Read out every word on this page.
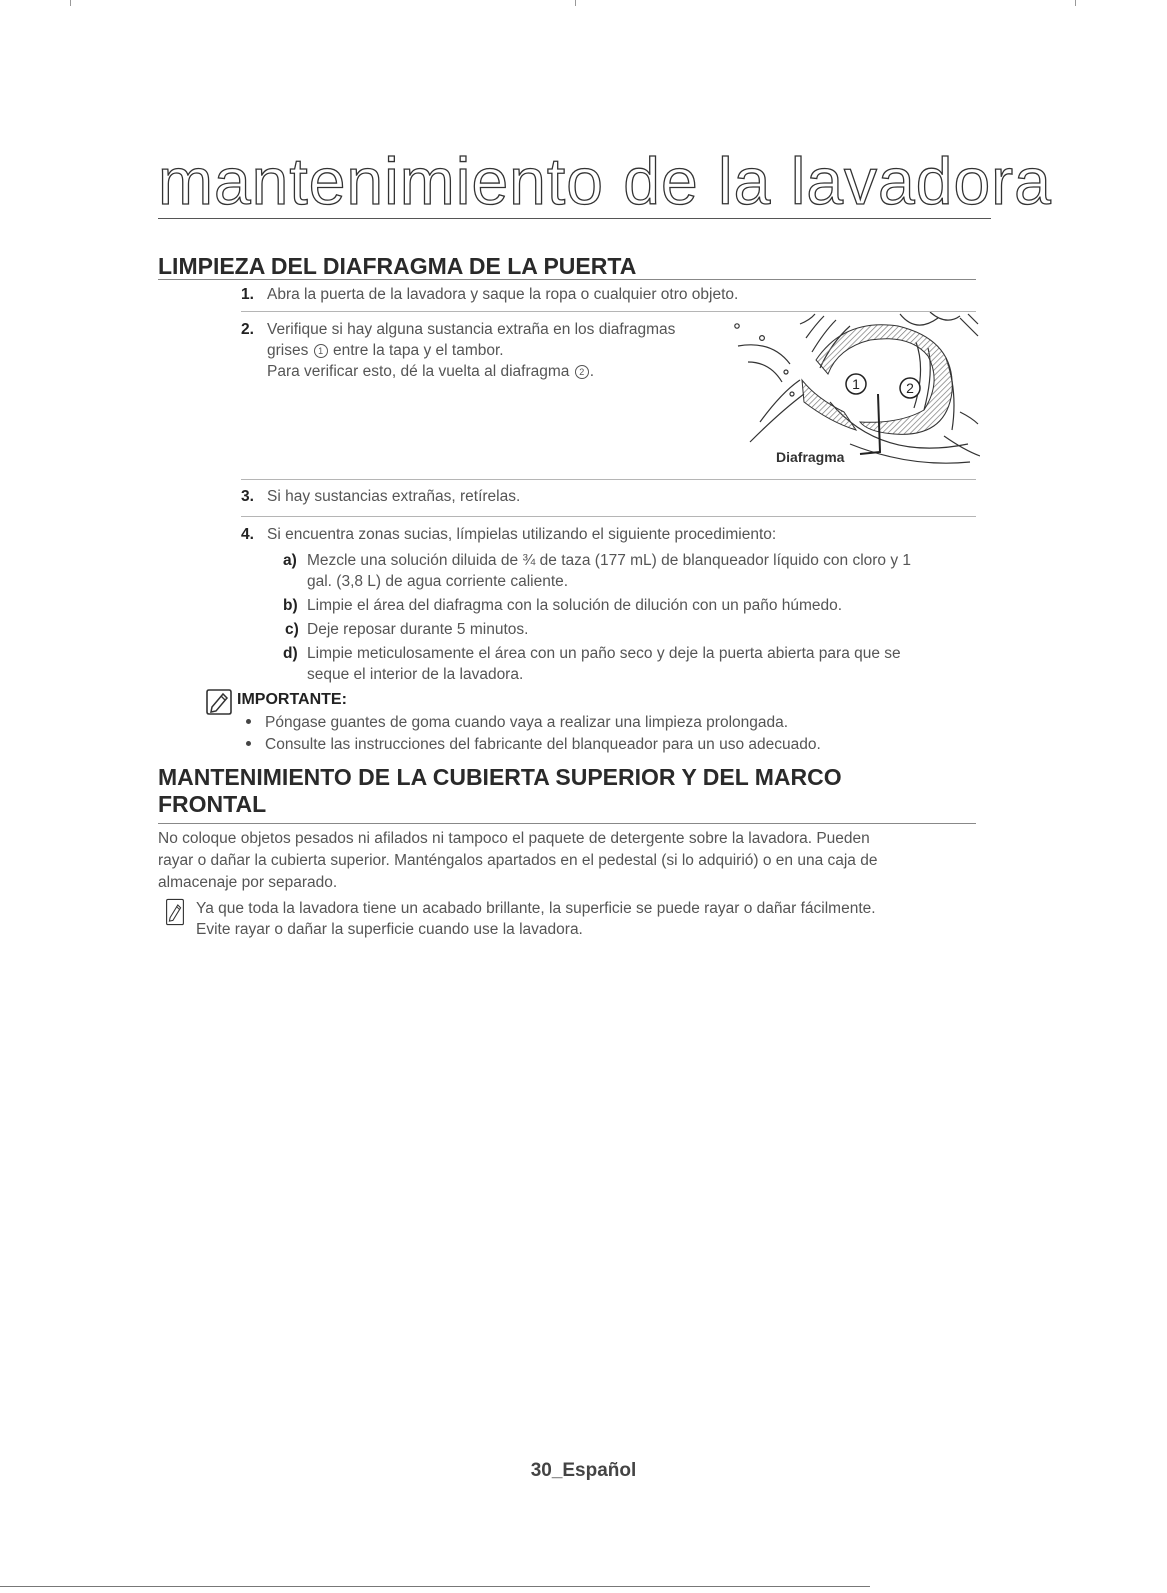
mantenimiento de la lavadora
LIMPIEZA DEL DIAFRAGMA DE LA PUERTA
1. Abra la puerta de la lavadora y saque la ropa o cualquier otro objeto.
2. Verifique si hay alguna sustancia extraña en los diafragmas
grises 1 entre la tapa y el tambor.
Para verificar esto, dé la vuelta al diafragma 2 .
1	2
Diafragma
3. Si hay sustancias extrañas, retírelas.
4. Si encuentra zonas sucias, límpielas utilizando el siguiente procedimiento:
a) Mezcle una solución diluida de ¾ de taza (177 mL) de blanqueador líquido con cloro y 1
gal. (3,8 L) de agua corriente caliente.
b) Limpie el área del diafragma con la solución de dilución con un paño húmedo.
c) Deje reposar durante 5 minutos.
d) Limpie meticulosamente el área con un paño seco y deje la puerta abierta para que se
seque el interior de la lavadora.
IMPORTANTE:
Póngase guantes de goma cuando vaya a realizar una limpieza prolongada.
Consulte las instrucciones del fabricante del blanqueador para un uso adecuado.
MANTENIMIENTO DE LA CUBIERTA SUPERIOR Y DEL MARCO
FRONTAL
No coloque objetos pesados ni afilados ni tampoco el paquete de detergente sobre la lavadora. Pueden
rayar o dañar la cubierta superior. Manténgalos apartados en el pedestal (si lo adquirió) o en una caja de
almacenaje por separado.
Ya que toda la lavadora tiene un acabado brillante, la superficie se puede rayar o dañar fácilmente.
Evite rayar o dañar la superficie cuando use la lavadora.
30_Español
